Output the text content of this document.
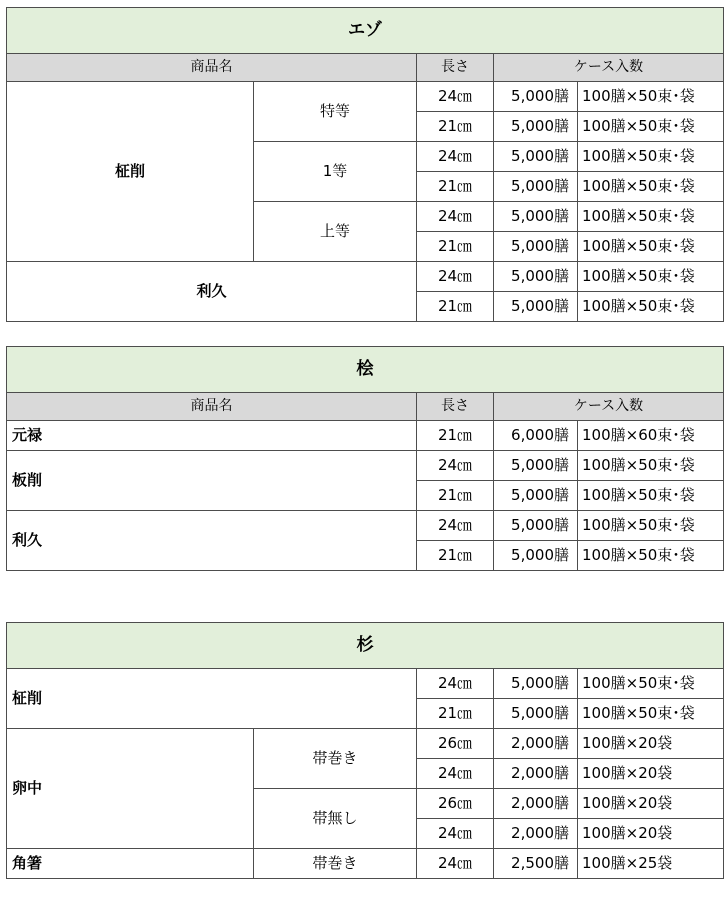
エゾ				
商品名		長さ	ケース入数	
柾削	特等	24㎝	5,000膳	100膳×50束･袋
		21㎝	5,000膳	100膳×50束･袋
	1等	24㎝	5,000膳	100膳×50束･袋
		21㎝	5,000膳	100膳×50束･袋
	上等	24㎝	5,000膳	100膳×50束･袋
		21㎝	5,000膳	100膳×50束･袋
利久		24㎝	5,000膳	100膳×50束･袋
		21㎝	5,000膳	100膳×50束･袋
桧			
商品名	長さ	ケース入数	
元禄	21㎝	6,000膳	100膳×60束･袋
板削	24㎝	5,000膳	100膳×50束･袋
	21㎝	5,000膳	100膳×50束･袋
利久	24㎝	5,000膳	100膳×50束･袋
	21㎝	5,000膳	100膳×50束･袋
杉				
柾削		24㎝	5,000膳	100膳×50束･袋
		21㎝	5,000膳	100膳×50束･袋
卵中	帯巻き	26㎝	2,000膳	100膳×20袋
		24㎝	2,000膳	100膳×20袋
	帯無し	26㎝	2,000膳	100膳×20袋
		24㎝	2,000膳	100膳×20袋
角箸	帯巻き	24㎝	2,500膳	100膳×25袋
